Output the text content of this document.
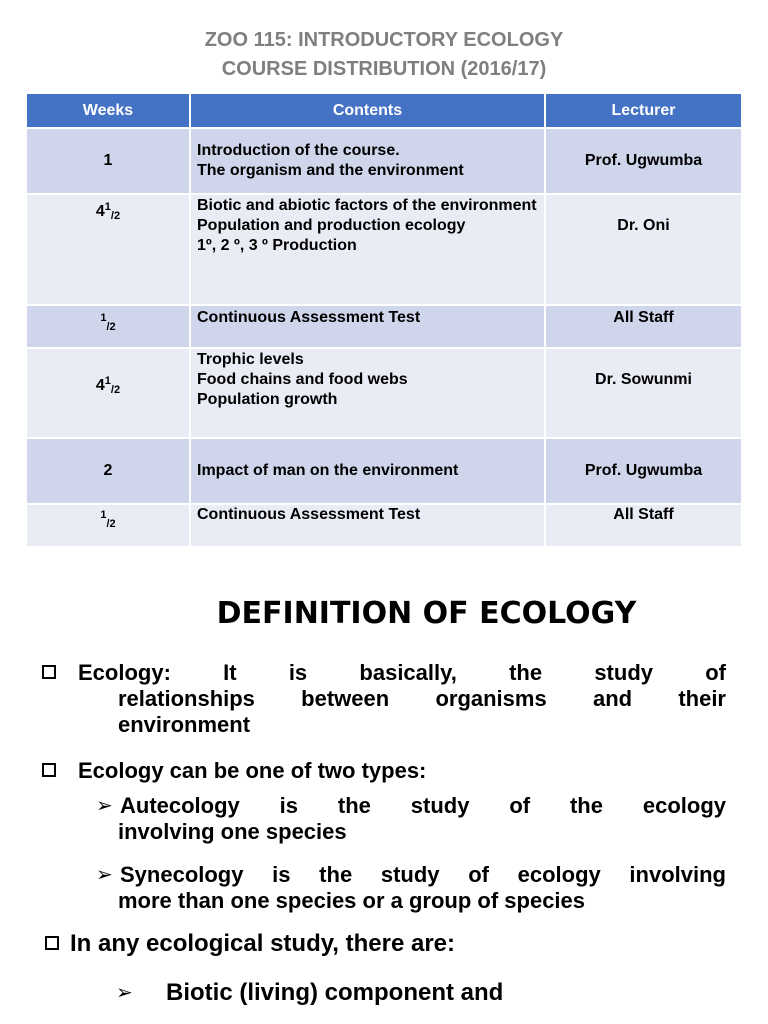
ZOO 115: INTRODUCTORY ECOLOGY
COURSE DISTRIBUTION (2016/17)
Weeks	Contents	Lecturer
1	Introduction of the course.
The organism and the environment	Prof. Ugwumba
$4^1_{/2}$	Biotic and abiotic factors of the environment
Population and production ecology
1º, 2 º, 3 º Production	Dr. Oni
$^1_{/2}$	Continuous Assessment Test	All Staff
$4^1_{/2}$	Trophic levels
Food chains and food webs
Population growth	Dr. Sowunmi
2	Impact of man on the environment	Prof. Ugwumba
$^1_{/2}$	Continuous Assessment Test	All Staff
DEFINITION OF ECOLOGY
Ecology: It is basically, the study of
relationships between organisms and their
environment
Ecology can be one of two types:
➢ Autecology is the study of the ecology
involving one species
➢ Synecology is the study of ecology involving
more than one species or a group of species
In any ecological study, there are:
➢ Biotic (living) component and
